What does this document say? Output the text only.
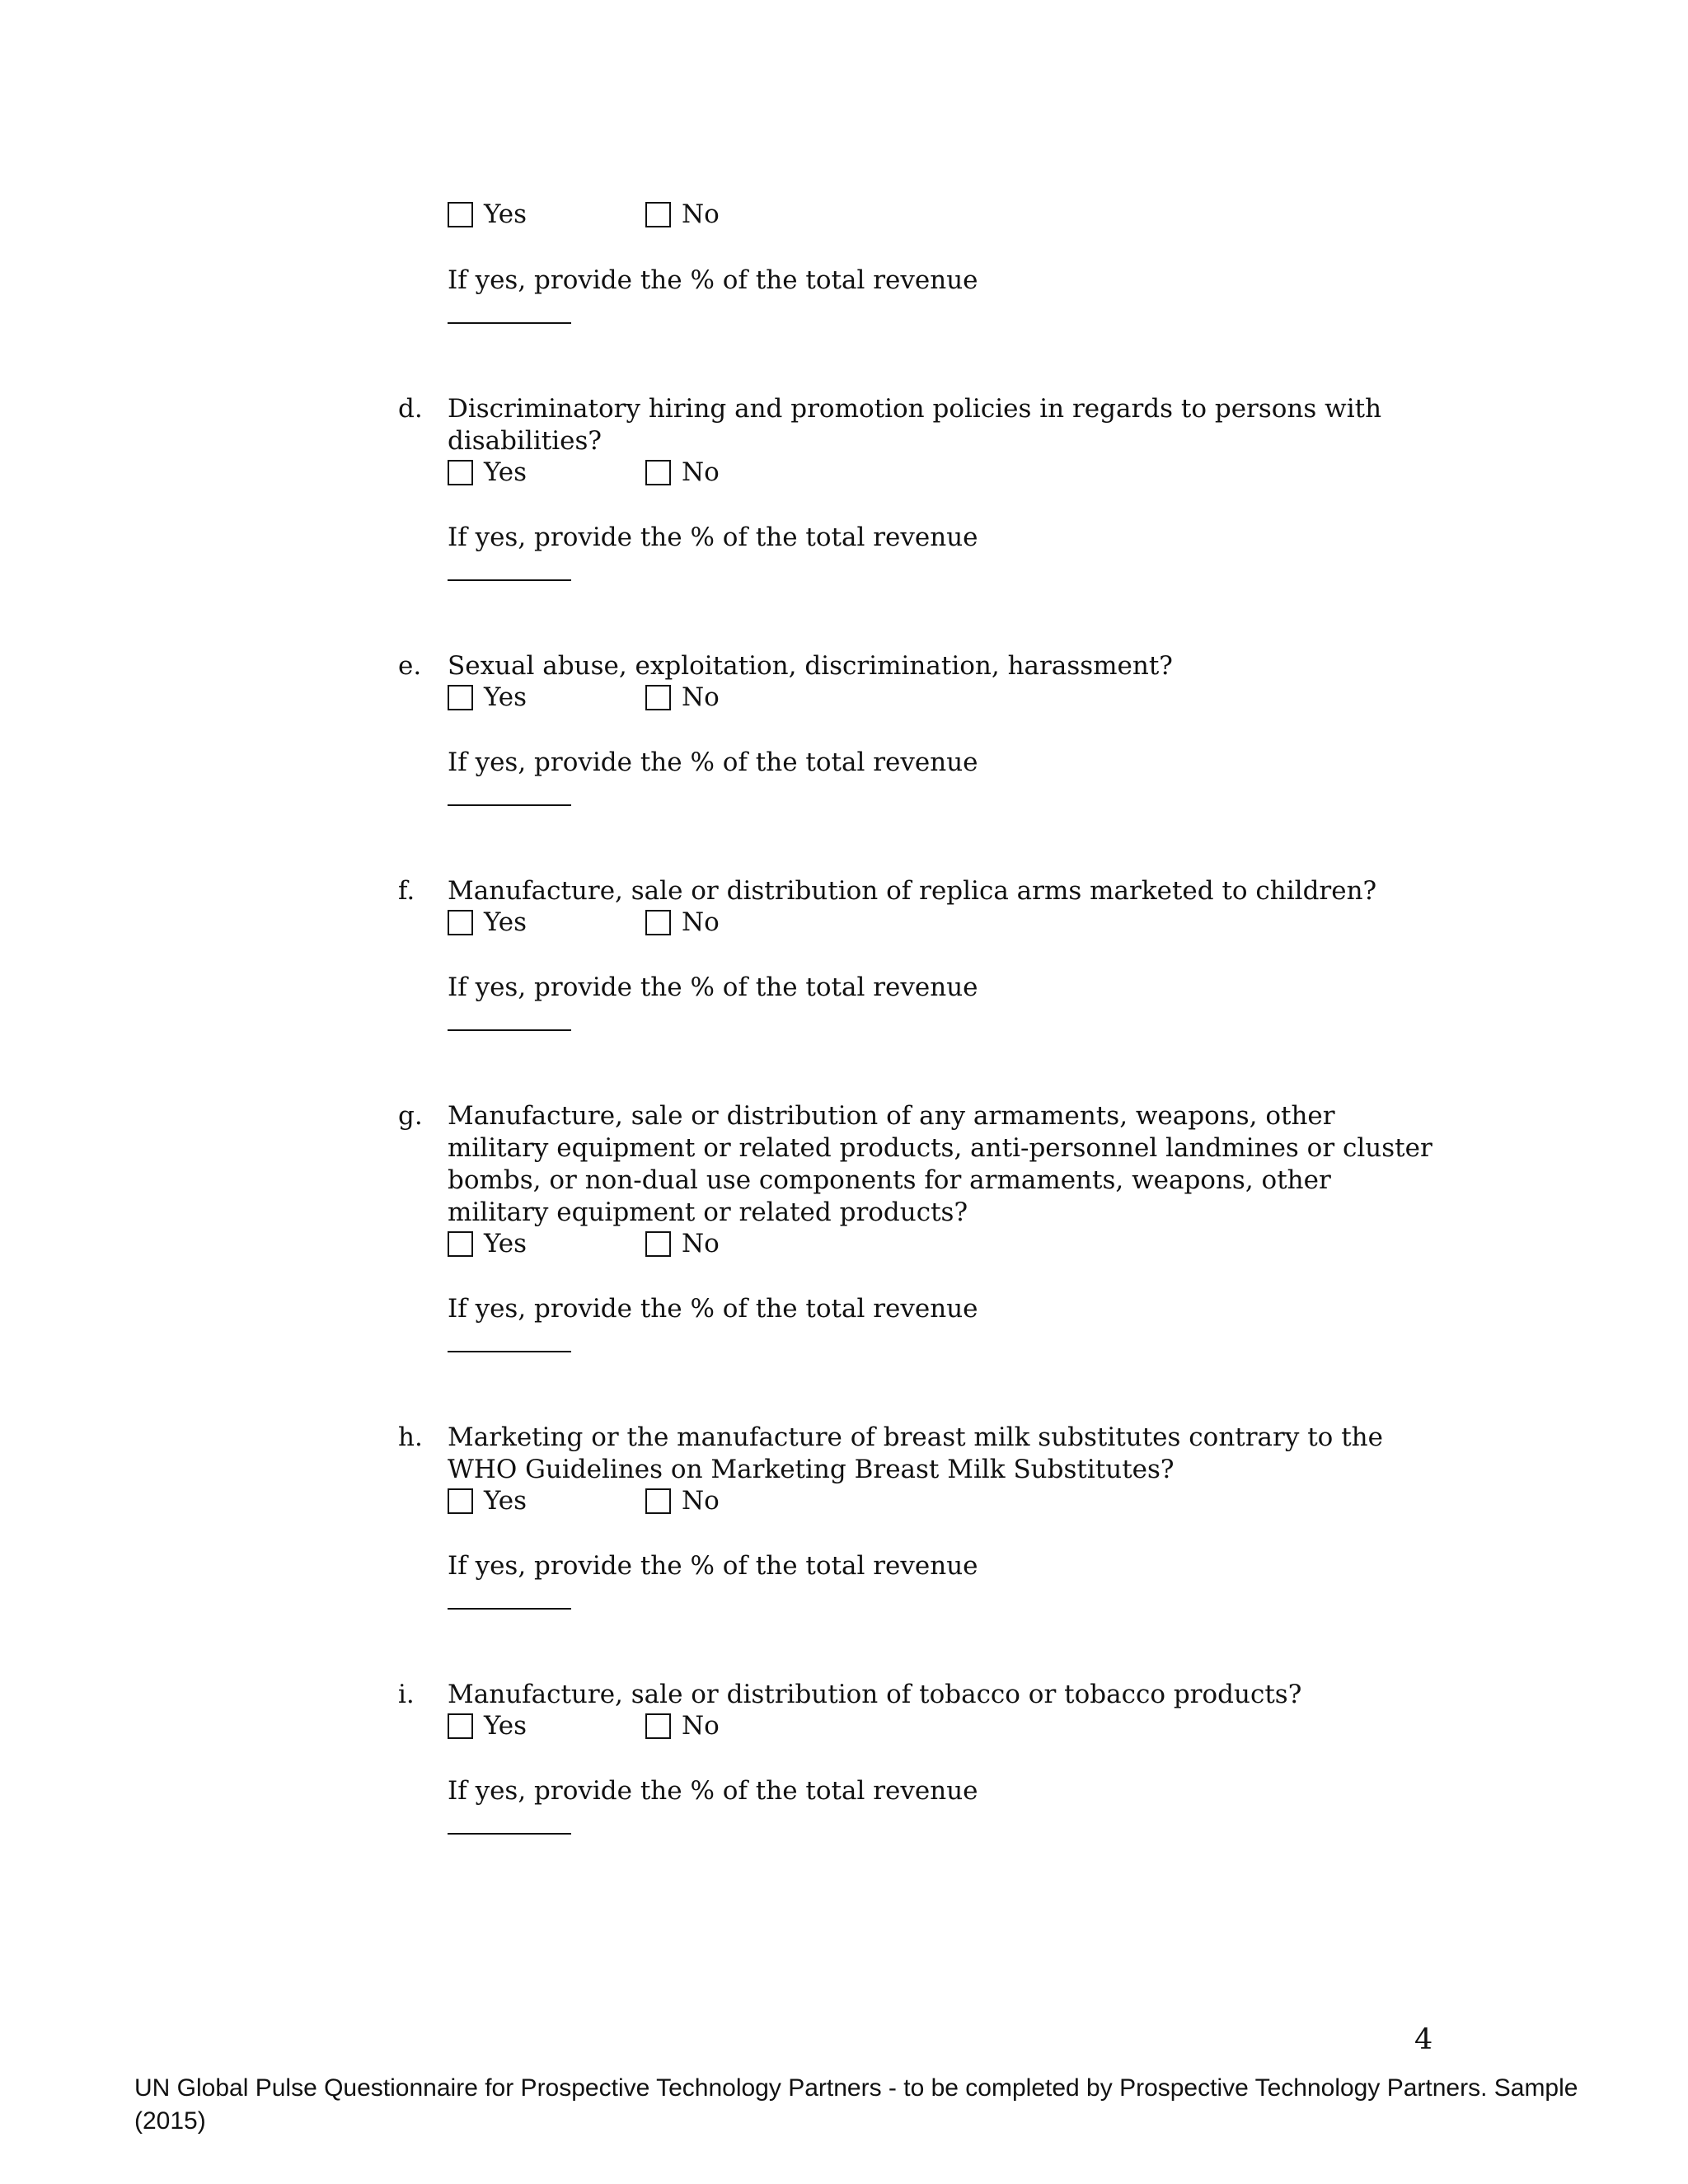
Yes	No
If yes, provide the % of the total revenue
d. Discriminatory hiring and promotion policies in regards to persons with disabilities?
Yes	No
If yes, provide the % of the total revenue
e. Sexual abuse, exploitation, discrimination, harassment?
Yes	No
If yes, provide the % of the total revenue
f. Manufacture, sale or distribution of replica arms marketed to children?
Yes	No
If yes, provide the % of the total revenue
g. Manufacture, sale or distribution of any armaments, weapons, other military equipment or related products, anti-personnel landmines or cluster bombs, or non-dual use components for armaments, weapons, other military equipment or related products?
Yes	No
If yes, provide the % of the total revenue
h. Marketing or the manufacture of breast milk substitutes contrary to the WHO Guidelines on Marketing Breast Milk Substitutes?
Yes	No
If yes, provide the % of the total revenue
i. Manufacture, sale or distribution of tobacco or tobacco products?
Yes	No
If yes, provide the % of the total revenue
4
UN Global Pulse Questionnaire for Prospective Technology Partners - to be completed by Prospective Technology Partners. Sample (2015)
